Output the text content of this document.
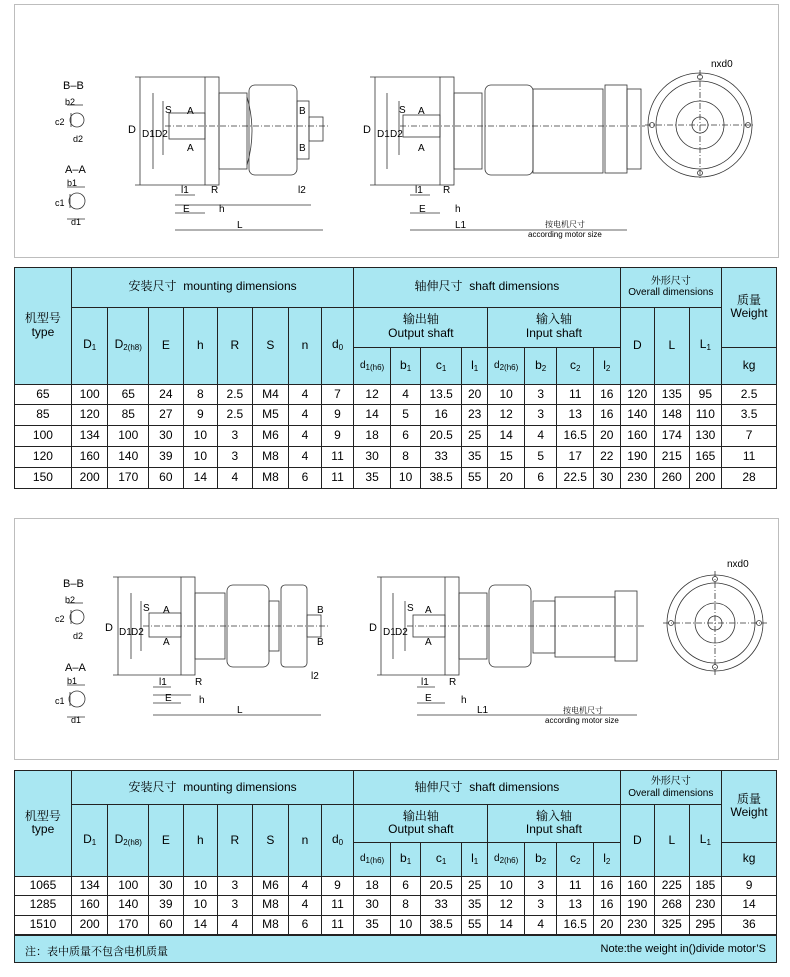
B–B
b2
c2
d2
A–A
b1
c1
d1
D D1 D2
S A
A
B
B
l1 R
E	h
L
l2
D D1 D2
S A
A
l1 R
E	h
L1	按电机尺寸
according motor size
nxd0
机型号
type	安装尺寸 mounting dimensions								轴伸尺寸 shaft dimensions								外形尺寸
Overall dimensions			质量
Weight
	$D_1$	$D_{2(h8)}$	E	h	R	S	n	$d_0$	输出轴
Output shaft				输入轴
Input shaft				D	L	$L_1$
									$d_{1(h6)}$	$b_1$	$c_1$	$l_1$	$d_{2(h6)}$	$b_2$	$c_2$	$l_2$				kg
65	100	65	24	8	2.5	M4	4	7	12	4	13.5	20	10	3	11	16	120	135	95	2.5
85	120	85	27	9	2.5	M5	4	9	14	5	16	23	12	3	13	16	140	148	110	3.5
100	134	100	30	10	3	M6	4	9	18	6	20.5	25	14	4	16.5	20	160	174	130	7
120	160	140	39	10	3	M8	4	11	30	8	33	35	15	5	17	22	190	215	165	11
150	200	170	60	14	4	M8	6	11	35	10	38.5	55	20	6	22.5	30	230	260	200	28
B–B
b2
c2
d2
A–A
b1
c1
d1
D D1 D2
S A
A
B
B
l1	R
E	h
L
l2
D D1 D2
S A
A
l1 R
E	h
L1	按电机尺寸
according motor size
nxd0
机型号
type	安装尺寸 mounting dimensions								轴伸尺寸 shaft dimensions								外形尺寸
Overall dimensions			质量
Weight
	$D_1$	$D_{2(h8)}$	E	h	R	S	n	$d_0$	输出轴
Output shaft				输入轴
Input shaft				D	L	$L_1$
									$d_{1(h6)}$	$b_1$	$c_1$	$l_1$	$d_{2(h6)}$	$b_2$	$c_2$	$l_2$				kg
1065	134	100	30	10	3	M6	4	9	18	6	20.5	25	10	3	11	16	160	225	185	9
1285	160	140	39	10	3	M8	4	11	30	8	33	35	12	3	13	16	190	268	230	14
1510	200	170	60	14	4	M8	6	11	35	10	38.5	55	14	4	16.5	20	230	325	295	36
注：表中质量不包含电机质量	Note:the weight in()divide motor’S
